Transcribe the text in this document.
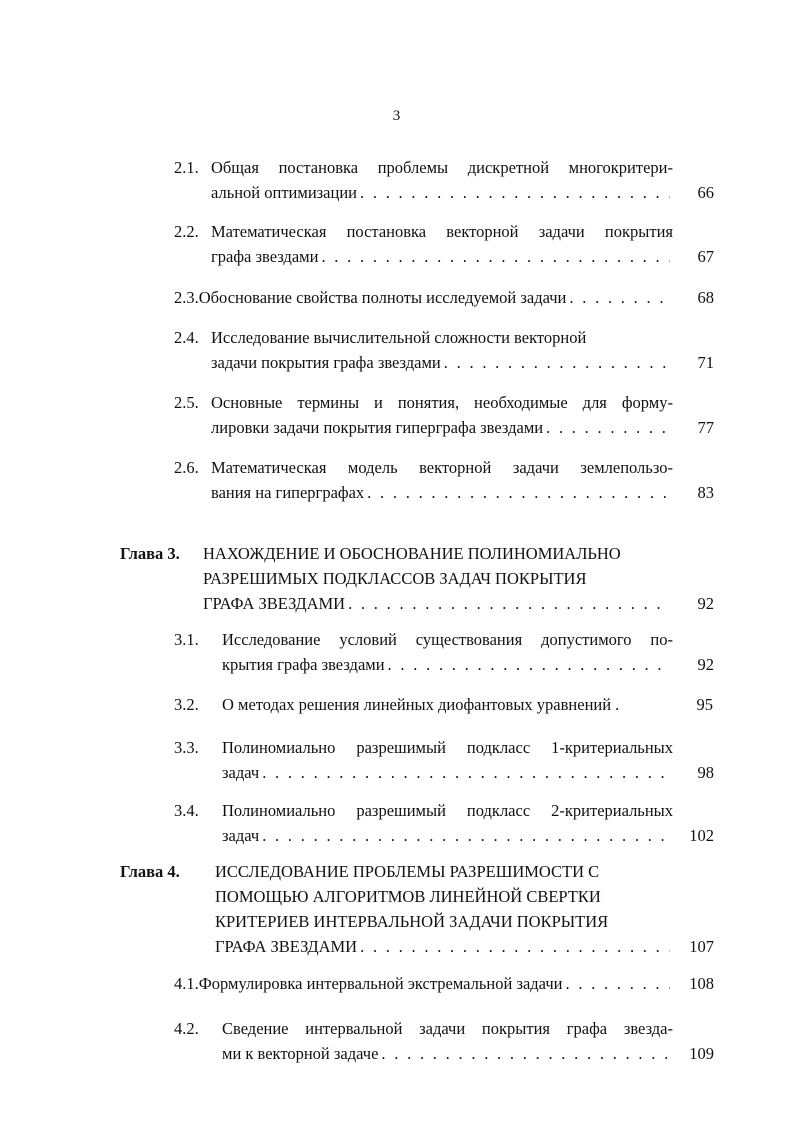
3
2.1. Общая постановка проблемы дискретной многокритери-
альной оптимизации . . .	66
2.2. Математическая постановка векторной задачи покрытия
графа звездами . . .	67
2.3. Обоснование свойства полноты исследуемой задачи . . .	68
2.4. Исследование вычислительной сложности векторной
задачи покрытия графа звездами . . .	71
2.5. Основные термины и понятия, необходимые для форму-
лировки задачи покрытия гиперграфа звездами . . .	77
2.6. Математическая модель векторной задачи землепользо-
вания на гиперграфах . . .	83
Глава 3. НАХОЖДЕНИЕ И ОБОСНОВАНИЕ ПОЛИНОМИАЛЬНО
РАЗРЕШИМЫХ ПОДКЛАССОВ ЗАДАЧ ПОКРЫТИЯ
ГРАФА ЗВЕЗДАМИ . . .	92
3.1.	Исследование условий существования допустимого по-
крытия графа звездами . . .	92
3.2.	О методах решения линейных диофантовых уравнений .	95
3.3.	Полиномиально разрешимый подкласс 1-критериальных
задач . . .	98
3.4.	Полиномиально разрешимый подкласс 2-критериальных
задач . . .	102
Глава 4. ИССЛЕДОВАНИЕ ПРОБЛЕМЫ РАЗРЕШИМОСТИ С
ПОМОЩЬЮ АЛГОРИТМОВ ЛИНЕЙНОЙ СВЕРТКИ
КРИТЕРИЕВ ИНТЕРВАЛЬНОЙ ЗАДАЧИ ПОКРЫТИЯ
ГРАФА ЗВЕЗДАМИ . . .	107
4.1. Формулировка интервальной экстремальной задачи . . .	108
4.2.	Сведение интервальной задачи покрытия графа звезда-
ми к векторной задаче . . .	109
